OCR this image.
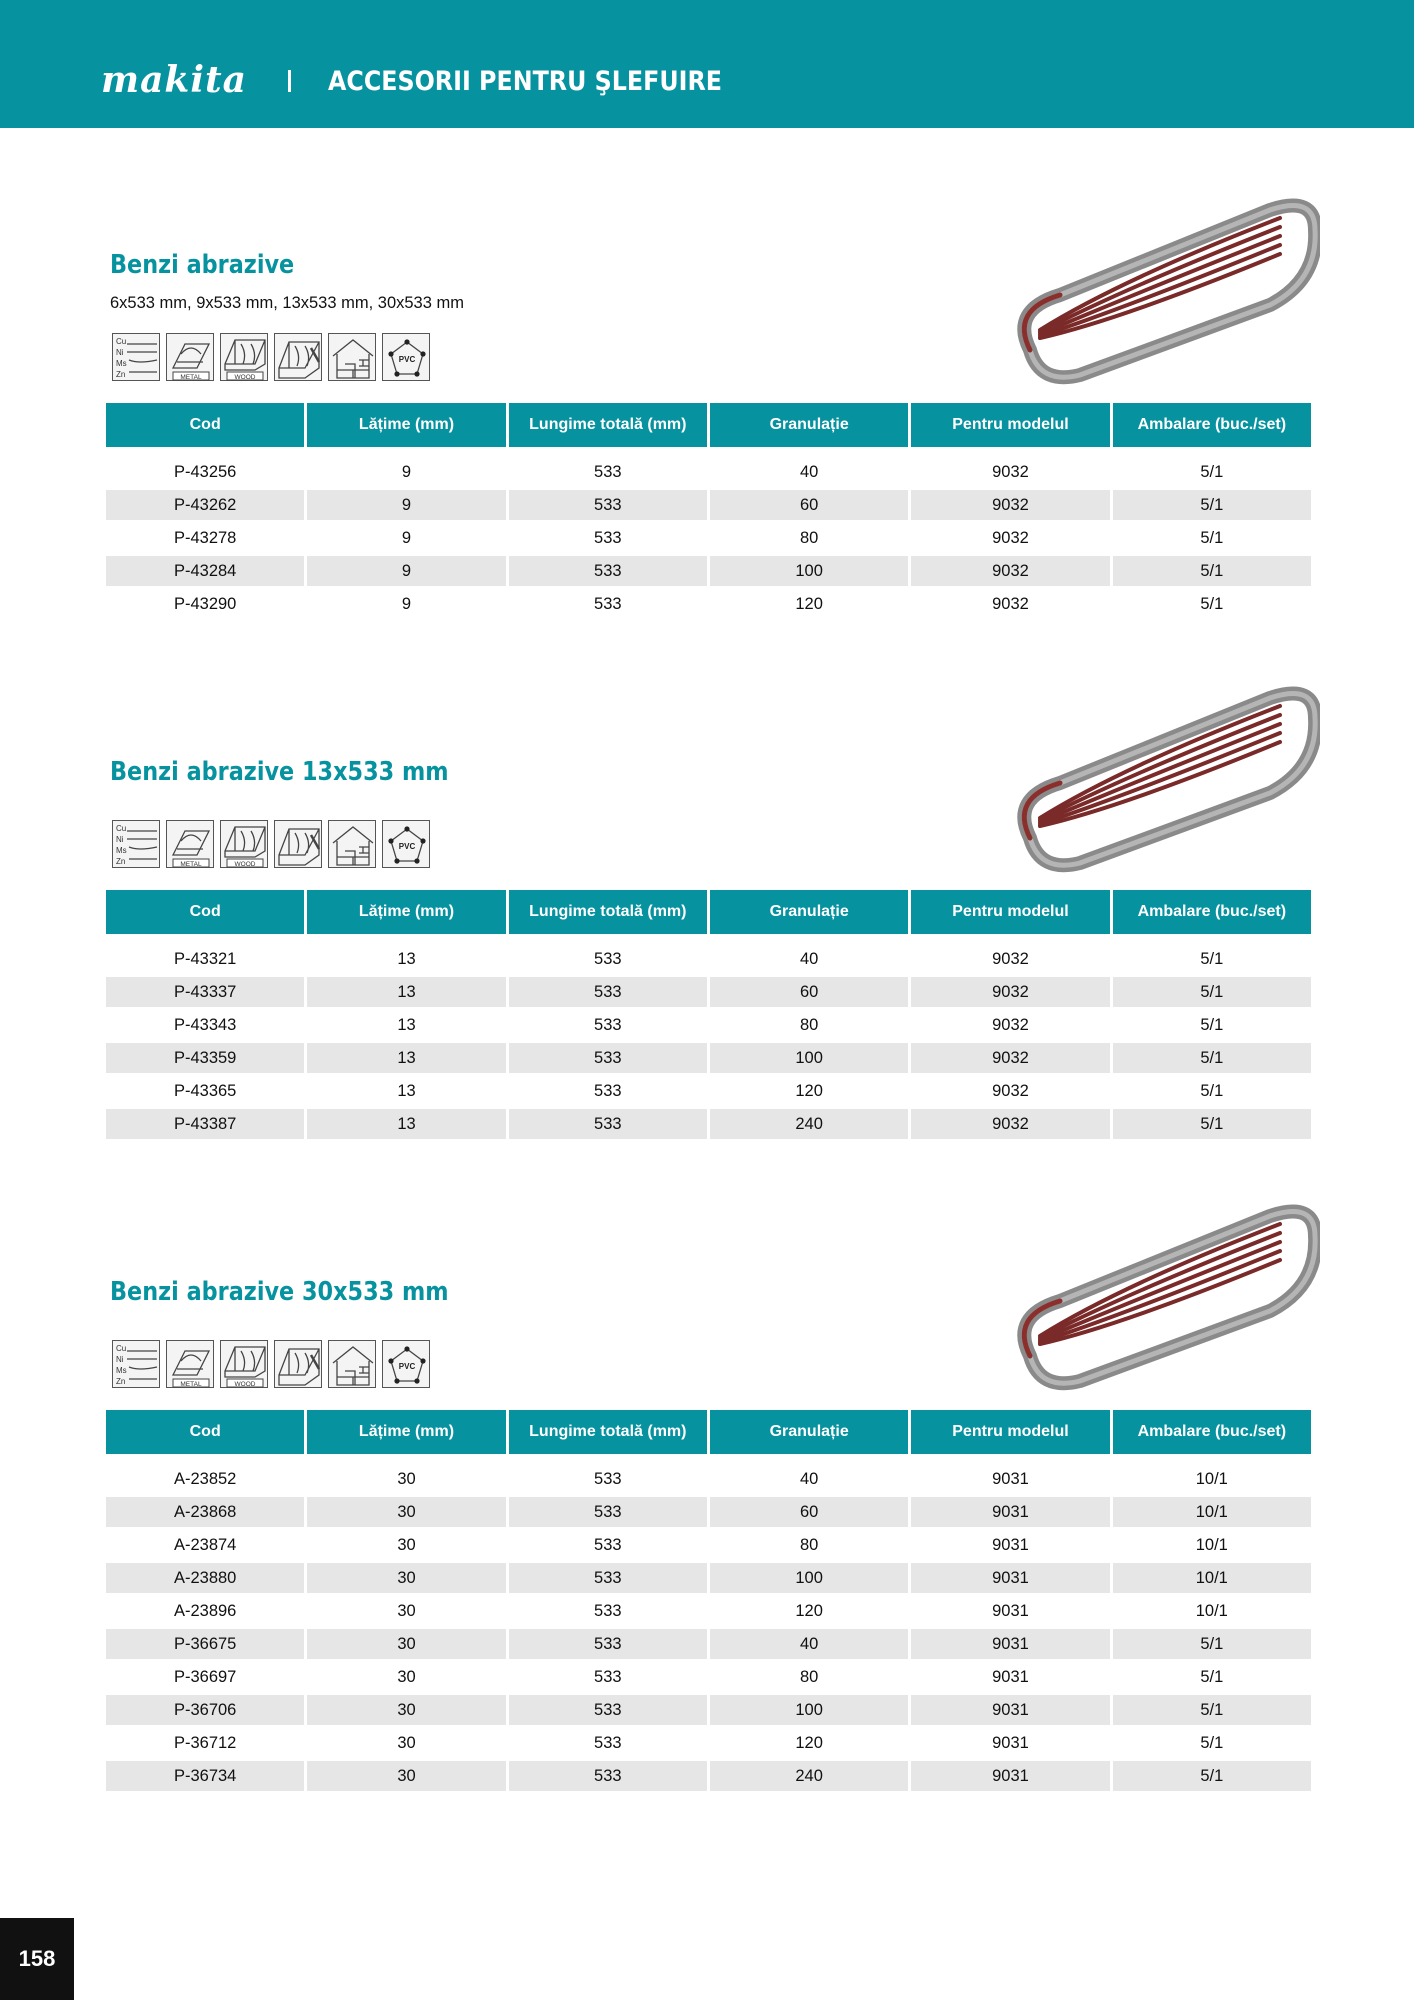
makita	ACCESORII PENTRU ŞLEFUIRE
Benzi abrazive
6x533 mm, 9x533 mm, 13x533 mm, 30x533 mm
Cu
Ni
Ms
Zn	METAL	WOOD
PVC
Cod	Lățime (mm)	Lungime totală (mm)	Granulație	Pentru modelul	Ambalare (buc./set)
P-43256	9	533	40	9032	5/1
P-43262	9	533	60	9032	5/1
P-43278	9	533	80	9032	5/1
P-43284	9	533	100	9032	5/1
P-43290	9	533	120	9032	5/1
Benzi abrazive 13x533 mm
Cu
Ni
Ms
Zn	METAL	WOOD
PVC
Cod	Lățime (mm)	Lungime totală (mm)	Granulație	Pentru modelul	Ambalare (buc./set)
P-43321	13	533	40	9032	5/1
P-43337	13	533	60	9032	5/1
P-43343	13	533	80	9032	5/1
P-43359	13	533	100	9032	5/1
P-43365	13	533	120	9032	5/1
P-43387	13	533	240	9032	5/1
Benzi abrazive 30x533 mm
Cu
Ni
Ms
Zn	METAL	WOOD
PVC
Cod	Lățime (mm)	Lungime totală (mm)	Granulație	Pentru modelul	Ambalare (buc./set)
A-23852	30	533	40	9031	10/1
A-23868	30	533	60	9031	10/1
A-23874	30	533	80	9031	10/1
A-23880	30	533	100	9031	10/1
A-23896	30	533	120	9031	10/1
P-36675	30	533	40	9031	5/1
P-36697	30	533	80	9031	5/1
P-36706	30	533	100	9031	5/1
P-36712	30	533	120	9031	5/1
P-36734	30	533	240	9031	5/1
158
